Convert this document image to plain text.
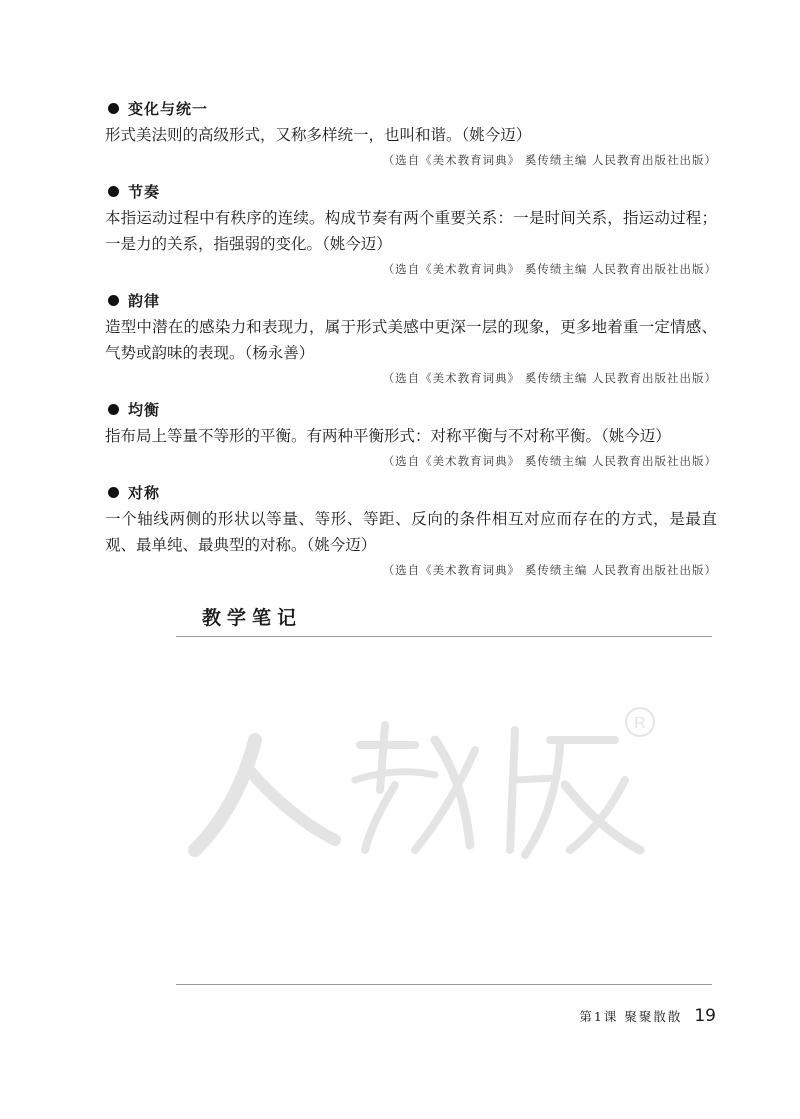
变化与统一

形式美法则的高级形式，又称多样统一，也叫和谐。（姚今迈）

（选自《美术教育词典》 奚传绩主编 人民教育出版社出版）
节奏

本指运动过程中有秩序的连续。构成节奏有两个重要关系：一是时间关系，指运动过程；一是力的关系，指强弱的变化。（姚今迈）

（选自《美术教育词典》 奚传绩主编 人民教育出版社出版）
韵律

造型中潜在的感染力和表现力，属于形式美感中更深一层的现象，更多地着重一定情感、气势或韵味的表现。（杨永善）

（选自《美术教育词典》 奚传绩主编 人民教育出版社出版）
均衡

指布局上等量不等形的平衡。有两种平衡形式：对称平衡与不对称平衡。（姚今迈）

（选自《美术教育词典》 奚传绩主编 人民教育出版社出版）
对称

一个轴线两侧的形状以等量、等形、等距、反向的条件相互对应而存在的方式，是最直观、最单纯、最典型的对称。（姚今迈）

（选自《美术教育词典》 奚传绩主编 人民教育出版社出版）
教学笔记
R
第1课 聚聚散散 19
